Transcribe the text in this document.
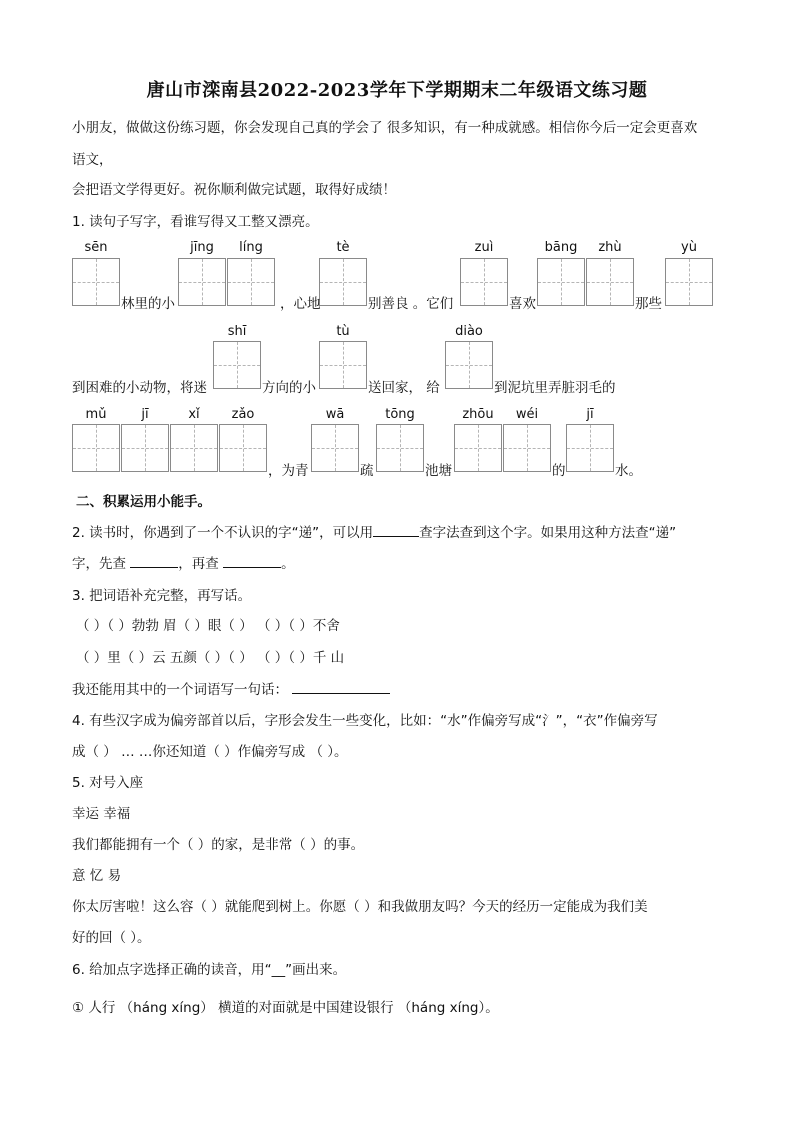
唐山市滦南县2022-2023学年下学期期末二年级语文练习题
小朋友，做做这份练习题，你会发现自己真的学会了 很多知识，有一种成就感。相信你今后一定会更喜欢
语文，
会把语文学得更好。祝你顺利做完试题，取得好成绩！
1. 读句子写字，看谁写得又工整又漂亮。
sēn	jīng	líng	tè	zuì	bāng	zhù	yù
林里的小	，心地	别善良 。它们	喜欢	那些
shī	tù	diào
到困难的小动物，将迷	方向的小	送回家， 给	到泥坑里弄脏羽毛的
mǔ	jī	xǐ	zǎo	wā	tōng	zhōu	wéi	jī
，为青	疏	池塘	的	水。
二、积累运用小能手。
2. 读书时，你遇到了一个不认识的字“递”，可以用	查字法查到这个字。如果用这种方法查“递”
字，先查	，再查	。
3. 把词语补充完整，再写话。
（ ）（ ）勃勃 眉（ ）眼（ ） （ ）（ ）不舍
（ ）里（ ）云 五颜（ ）（ ） （ ）（ ）千 山
我还能用其中的一个词语写一句话：
4. 有些汉字成为偏旁部首以后，字形会发生一些变化，比如：“水”作偏旁写成“氵”，“衣”作偏旁写
成（ ） … …你还知道（ ）作偏旁写成 （ ）。
5. 对号入座
幸运 幸福
我们都能拥有一个（ ）的家，是非常（ ）的事。
意 忆 易
你太厉害啦！这么容（ ）就能爬到树上。你愿（ ）和我做朋友吗？今天的经历一定能成为我们美
好的回（ ）。
6. 给加点字选择正确的读音，用“__”画出来。
① 人行 （háng xíng） 横道的对面就是中国建设银行 （háng xíng）。
